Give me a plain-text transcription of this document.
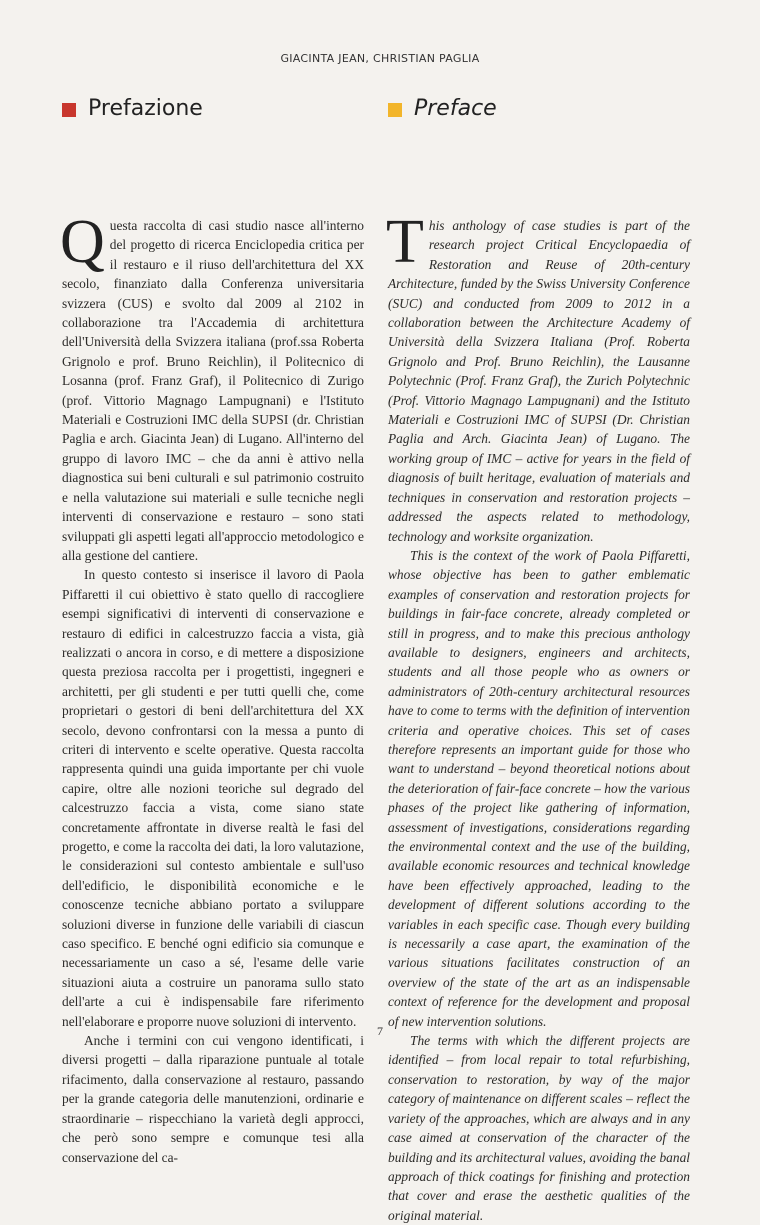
GIACINTA JEAN, CHRISTIAN PAGLIA
Prefazione	Preface

Questa raccolta di casi studio nasce all'interno del progetto di ricerca Enciclopedia critica per il restauro e il riuso dell'architettura del XX secolo, finanziato dalla Conferenza universitaria svizzera (CUS) e svolto dal 2009 al 2102 in collaborazione tra l'Accademia di architettura dell'Università della Svizzera italiana (prof.ssa Roberta Grignolo e prof. Bruno Reichlin), il Politecnico di Losanna (prof. Franz Graf), il Politecnico di Zurigo (prof. Vittorio Magnago Lampugnani) e l'Istituto Materiali e Costruzioni IMC della SUPSI (dr. Christian Paglia e arch. Giacinta Jean) di Lugano. All'interno del gruppo di lavoro IMC – che da anni è attivo nella diagnostica sui beni culturali e sul patrimonio costruito e nella valutazione sui materiali e sulle tecniche negli interventi di conservazione e restauro – sono stati sviluppati gli aspetti legati all'approccio metodologico e alla gestione del cantiere.

In questo contesto si inserisce il lavoro di Paola Piffaretti il cui obiettivo è stato quello di raccogliere esempi significativi di interventi di conservazione e restauro di edifici in calcestruzzo faccia a vista, già realizzati o ancora in corso, e di mettere a disposizione questa preziosa raccolta per i progettisti, ingegneri e architetti, per gli studenti e per tutti quelli che, come proprietari o gestori di beni dell'architettura del XX secolo, devono confrontarsi con la messa a punto di criteri di intervento e scelte operative. Questa raccolta rappresenta quindi una guida importante per chi vuole capire, oltre alle nozioni teoriche sul degrado del calcestruzzo faccia a vista, come siano state concretamente affrontate in diverse realtà le fasi del progetto, e come la raccolta dei dati, la loro valutazione, le considerazioni sul contesto ambientale e sull'uso dell'edificio, le disponibilità economiche e le conoscenze tecniche abbiano portato a sviluppare soluzioni diverse in funzione delle variabili di ciascun caso specifico. E benché ogni edificio sia comunque e necessariamente un caso a sé, l'esame delle varie situazioni aiuta a costruire un panorama sullo stato dell'arte a cui è indispensabile fare riferimento nell'elaborare e proporre nuove soluzioni di intervento.

Anche i termini con cui vengono identificati, i diversi progetti – dalla riparazione puntuale al totale rifacimento, dalla conservazione al restauro, passando per la grande categoria delle manutenzioni, ordinarie e straordinarie – rispecchiano la varietà degli approcci, che però sono sempre e comunque tesi alla conservazione del ca-

This anthology of case studies is part of the research project Critical Encyclopaedia of Restoration and Reuse of 20th-century Architecture, funded by the Swiss University Conference (SUC) and conducted from 2009 to 2012 in a collaboration between the Architecture Academy of Università della Svizzera Italiana (Prof. Roberta Grignolo and Prof. Bruno Reichlin), the Lausanne Polytechnic (Prof. Franz Graf), the Zurich Polytechnic (Prof. Vittorio Magnago Lampugnani) and the Istituto Materiali e Costruzioni IMC of SUPSI (Dr. Christian Paglia and Arch. Giacinta Jean) of Lugano. The working group of IMC – active for years in the field of diagnosis of built heritage, evaluation of materials and techniques in conservation and restoration projects – addressed the aspects related to methodology, technology and worksite organization.

This is the context of the work of Paola Piffaretti, whose objective has been to gather emblematic examples of conservation and restoration projects for buildings in fair-face concrete, already completed or still in progress, and to make this precious anthology available to designers, engineers and architects, students and all those people who as owners or administrators of 20th-century architectural resources have to come to terms with the definition of intervention criteria and operative choices. This set of cases therefore represents an important guide for those who want to understand – beyond theoretical notions about the deterioration of fair-face concrete – how the various phases of the project like gathering of information, assessment of investigations, considerations regarding the environmental context and the use of the building, available economic resources and technical knowledge have been effectively approached, leading to the development of different solutions according to the variables in each specific case. Though every building is necessarily a case apart, the examination of the various situations facilitates construction of an overview of the state of the art as an indispensable context of reference for the development and proposal of new intervention solutions.

The terms with which the different projects are identified – from local repair to total refurbishing, conservation to restoration, by way of the major category of maintenance on different scales – reflect the variety of the approaches, which are always and in any case aimed at conservation of the character of the building and its architectural values, avoiding the banal approach of thick coatings for finishing and protection that cover and erase the aesthetic qualities of the original material.

7
